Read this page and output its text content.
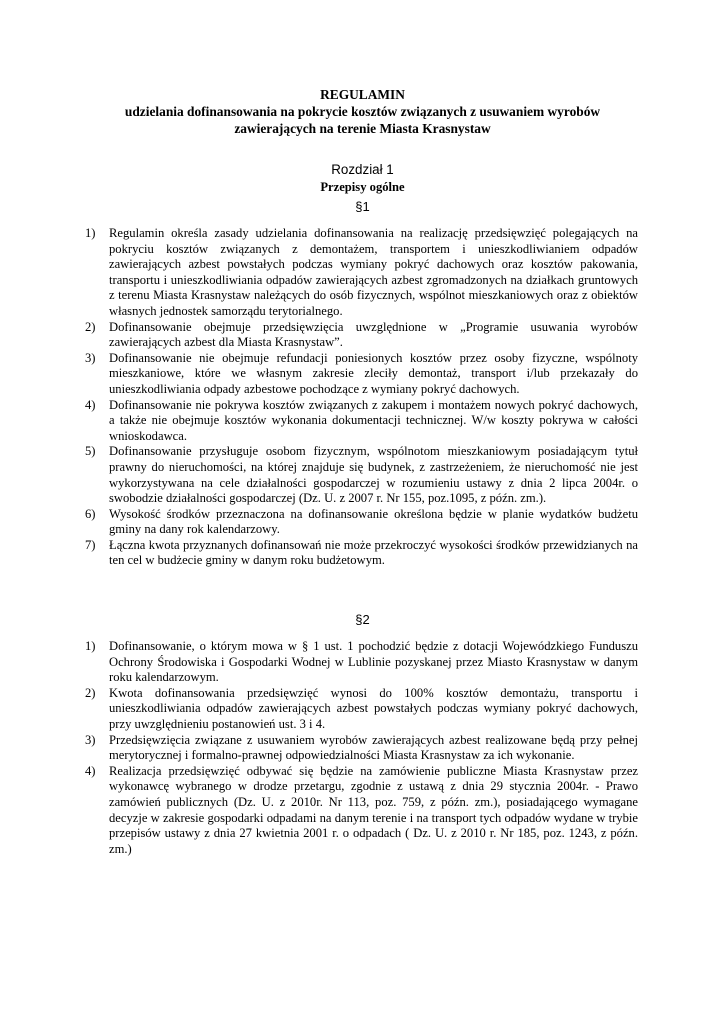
REGULAMIN
udzielania dofinansowania na pokrycie kosztów związanych z usuwaniem wyrobów
zawierających na terenie Miasta Krasnystaw
Rozdział 1
Przepisy ogólne
§1
1) Regulamin określa zasady udzielania dofinansowania na realizację przedsięwzięć polegających na pokryciu kosztów związanych z demontażem, transportem i unieszkodliwianiem odpadów zawierających azbest powstałych podczas wymiany pokryć dachowych oraz kosztów pakowania, transportu i unieszkodliwiania odpadów zawierających azbest zgromadzonych na działkach gruntowych z terenu Miasta Krasnystaw należących do osób fizycznych, wspólnot mieszkaniowych oraz z obiektów własnych jednostek samorządu terytorialnego.
2) Dofinansowanie obejmuje przedsięwzięcia uwzględnione w „Programie usuwania wyrobów zawierających azbest dla Miasta Krasnystaw”.
3) Dofinansowanie nie obejmuje refundacji poniesionych kosztów przez osoby fizyczne, wspólnoty mieszkaniowe, które we własnym zakresie zleciły demontaż, transport i/lub przekazały do unieszkodliwiania odpady azbestowe pochodzące z wymiany pokryć dachowych.
4) Dofinansowanie nie pokrywa kosztów związanych z zakupem i montażem nowych pokryć dachowych, a także nie obejmuje kosztów wykonania dokumentacji technicznej. W/w koszty pokrywa w całości wnioskodawca.
5) Dofinansowanie przysługuje osobom fizycznym, wspólnotom mieszkaniowym posiadającym tytuł prawny do nieruchomości, na której znajduje się budynek, z zastrzeżeniem, że nieruchomość nie jest wykorzystywana na cele działalności gospodarczej w rozumieniu ustawy z dnia 2 lipca 2004r. o swobodzie działalności gospodarczej (Dz. U. z 2007 r. Nr 155, poz.1095, z późn. zm.).
6) Wysokość środków przeznaczona na dofinansowanie określona będzie w planie wydatków budżetu gminy na dany rok kalendarzowy.
7) Łączna kwota przyznanych dofinansowań nie może przekroczyć wysokości środków przewidzianych na ten cel w budżecie gminy w danym roku budżetowym.
§2
1) Dofinansowanie, o którym mowa w § 1 ust. 1 pochodzić będzie z dotacji Wojewódzkiego Funduszu Ochrony Środowiska i Gospodarki Wodnej w Lublinie pozyskanej przez Miasto Krasnystaw w danym roku kalendarzowym.
2) Kwota dofinansowania przedsięwzięć wynosi do 100% kosztów demontażu, transportu i unieszkodliwiania odpadów zawierających azbest powstałych podczas wymiany pokryć dachowych, przy uwzględnieniu postanowień ust. 3 i 4.
3) Przedsięwzięcia związane z usuwaniem wyrobów zawierających azbest realizowane będą przy pełnej merytorycznej i formalno-prawnej odpowiedzialności Miasta Krasnystaw za ich wykonanie.
4) Realizacja przedsięwzięć odbywać się będzie na zamówienie publiczne Miasta Krasnystaw przez wykonawcę wybranego w drodze przetargu, zgodnie z ustawą z dnia 29 stycznia 2004r. - Prawo zamówień publicznych (Dz. U. z 2010r. Nr 113, poz. 759, z późn. zm.), posiadającego wymagane decyzje w zakresie gospodarki odpadami na danym terenie i na transport tych odpadów wydane w trybie przepisów ustawy z dnia 27 kwietnia 2001 r. o odpadach ( Dz. U. z 2010 r. Nr 185, poz. 1243, z późn. zm.)
